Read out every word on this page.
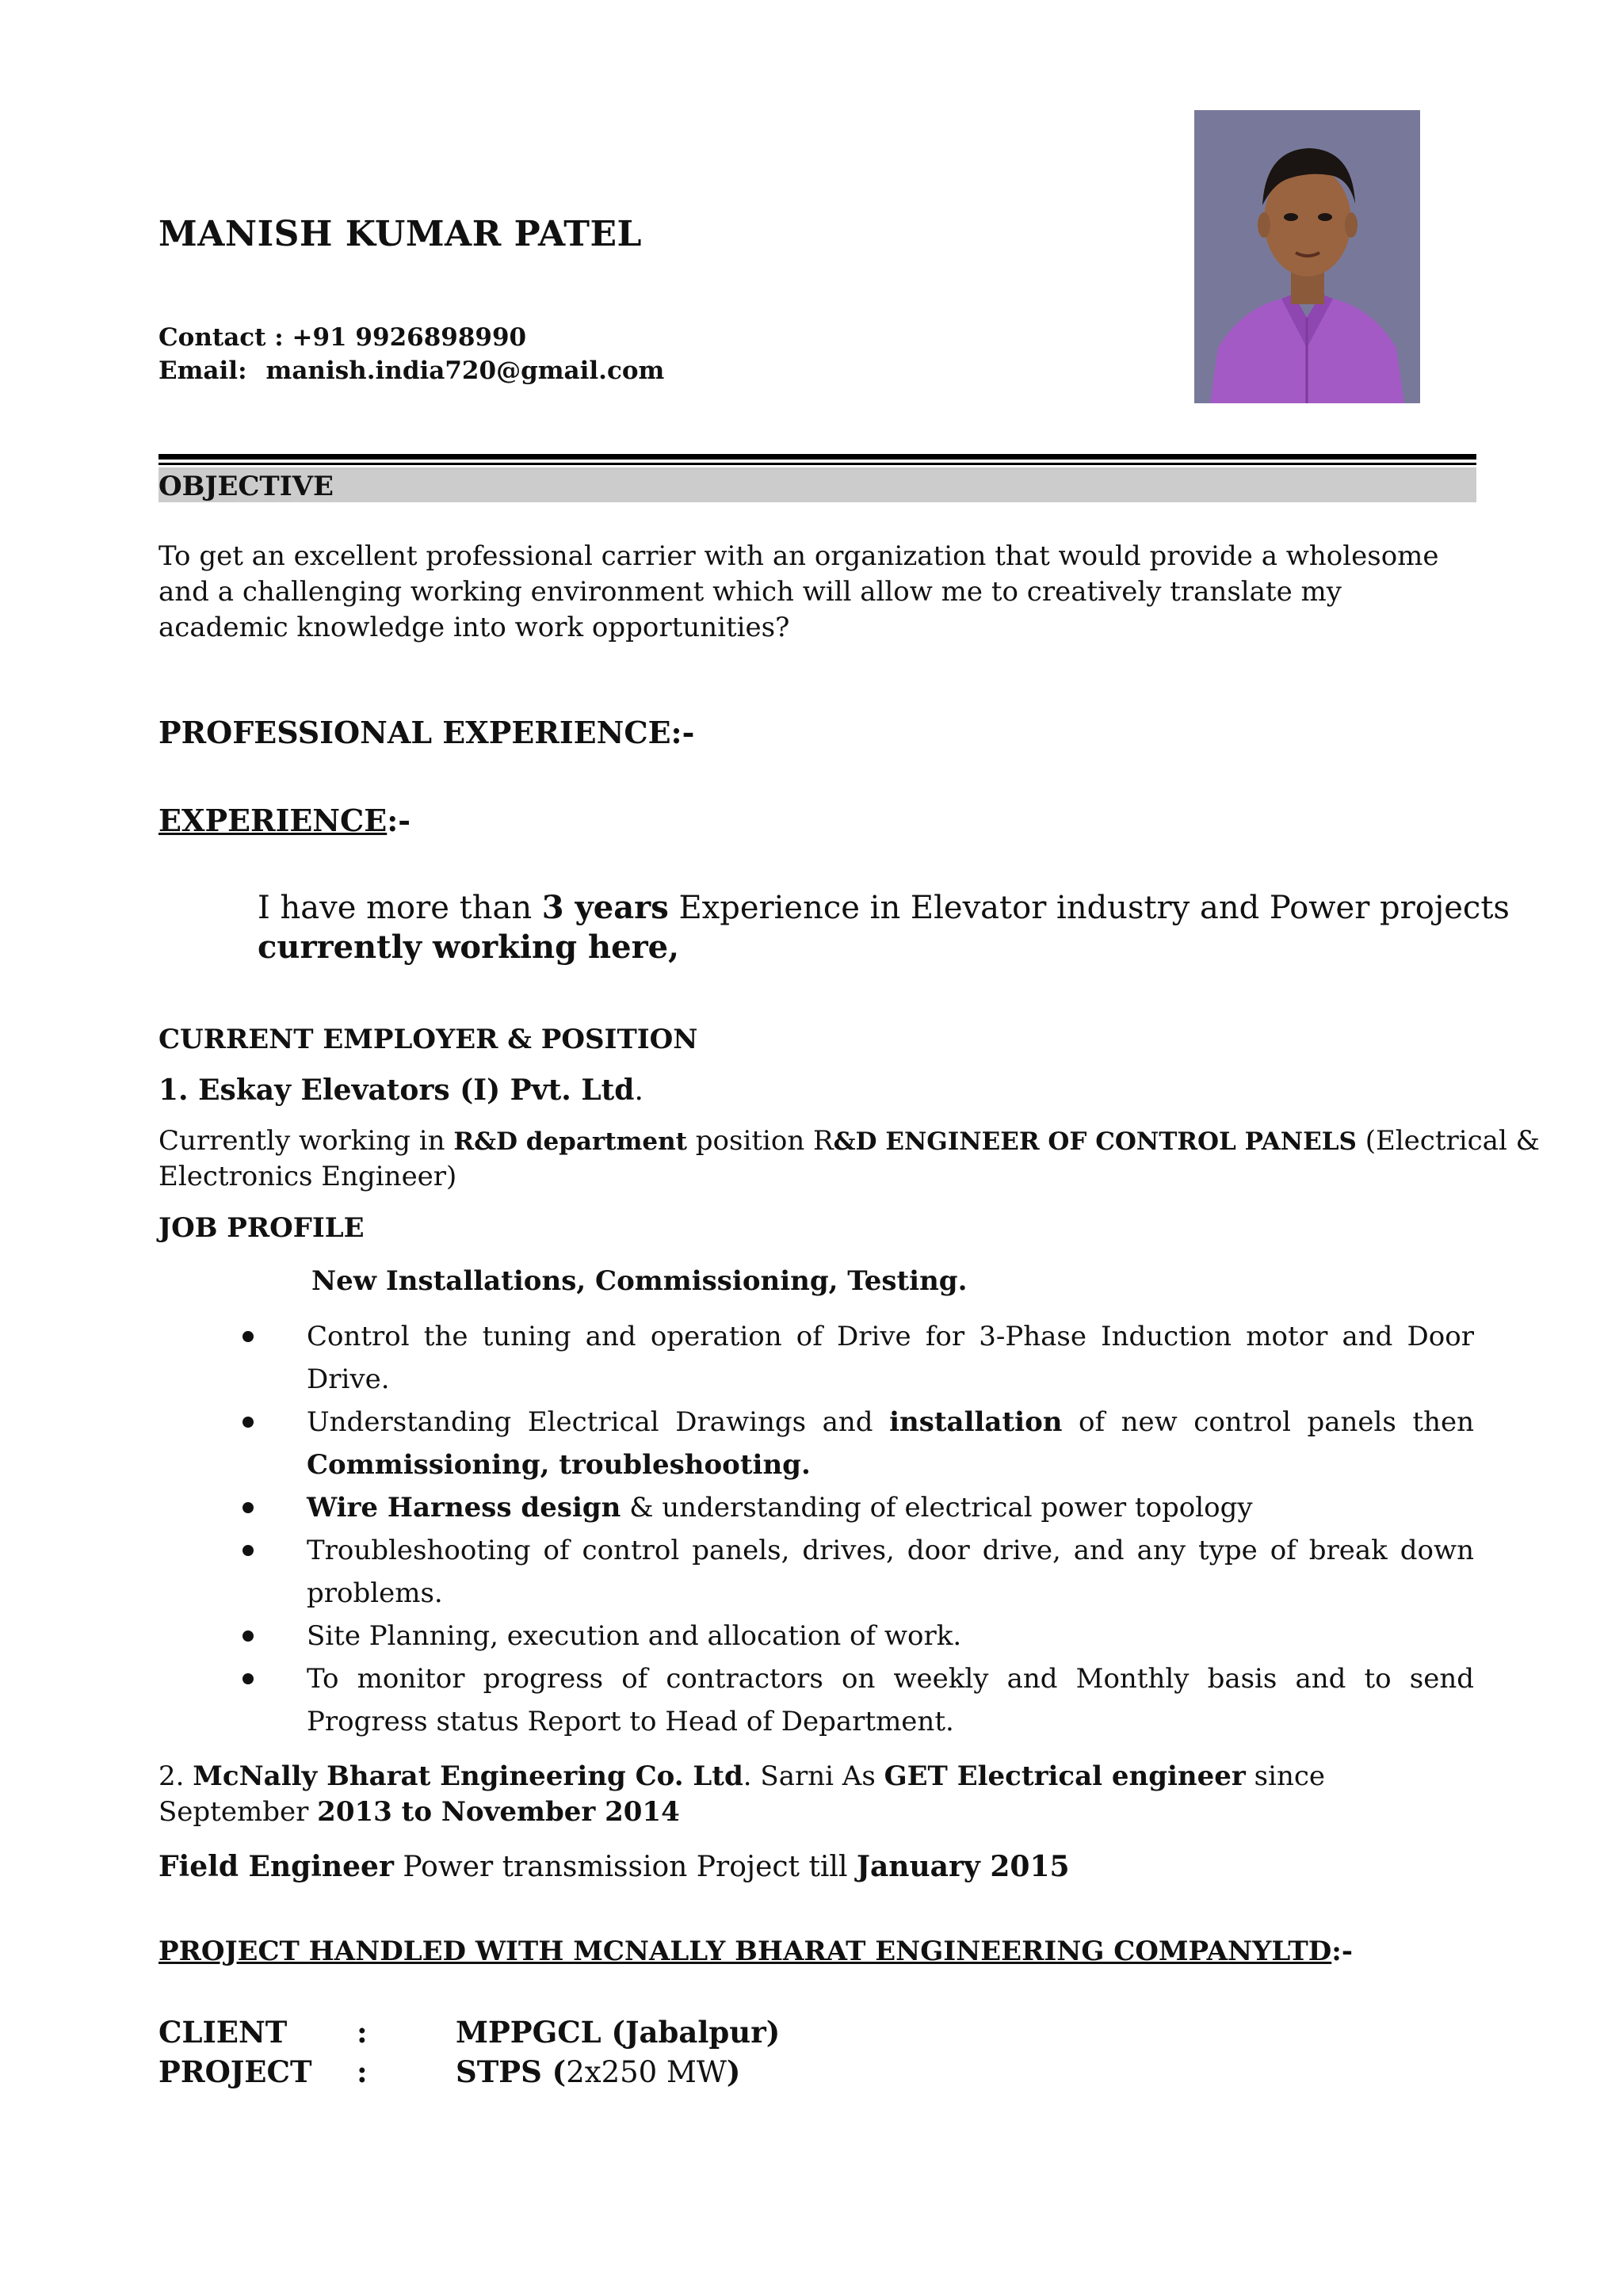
MANISH KUMAR PATEL
Contact : +91 9926898990
Email: manish.india720@gmail.com
OBJECTIVE
To get an excellent professional carrier with an organization that would provide a wholesome and a challenging working environment which will allow me to creatively translate my academic knowledge into work opportunities?
PROFESSIONAL EXPERIENCE:-
EXPERIENCE:-
I have more than 3 years Experience in Elevator industry and Power projects
currently working here,
CURRENT EMPLOYER & POSITION
1. Eskay Elevators (I) Pvt. Ltd.
Currently working in R&D department position R&D ENGINEER OF CONTROL PANELS (Electrical &
Electronics Engineer)
JOB PROFILE
New Installations, Commissioning, Testing.
Control the tuning and operation of Drive for 3-Phase Induction motor and Door Drive.
Understanding Electrical Drawings and installation of new control panels then
Commissioning, troubleshooting.
Wire Harness design & understanding of electrical power topology
Troubleshooting of control panels, drives, door drive, and any type of break down problems.
Site Planning, execution and allocation of work.
To monitor progress of contractors on weekly and Monthly basis and to send Progress status Report to Head of Department.
2. McNally Bharat Engineering Co. Ltd. Sarni As GET Electrical engineer since September 2013 to November 2014
Field Engineer Power transmission Project till January 2015
PROJECT HANDLED WITH MCNALLY BHARAT ENGINEERING COMPANYLTD:-
CLIENT :	MPPGCL (Jabalpur)
PROJECT :	STPS (2x250 MW)
